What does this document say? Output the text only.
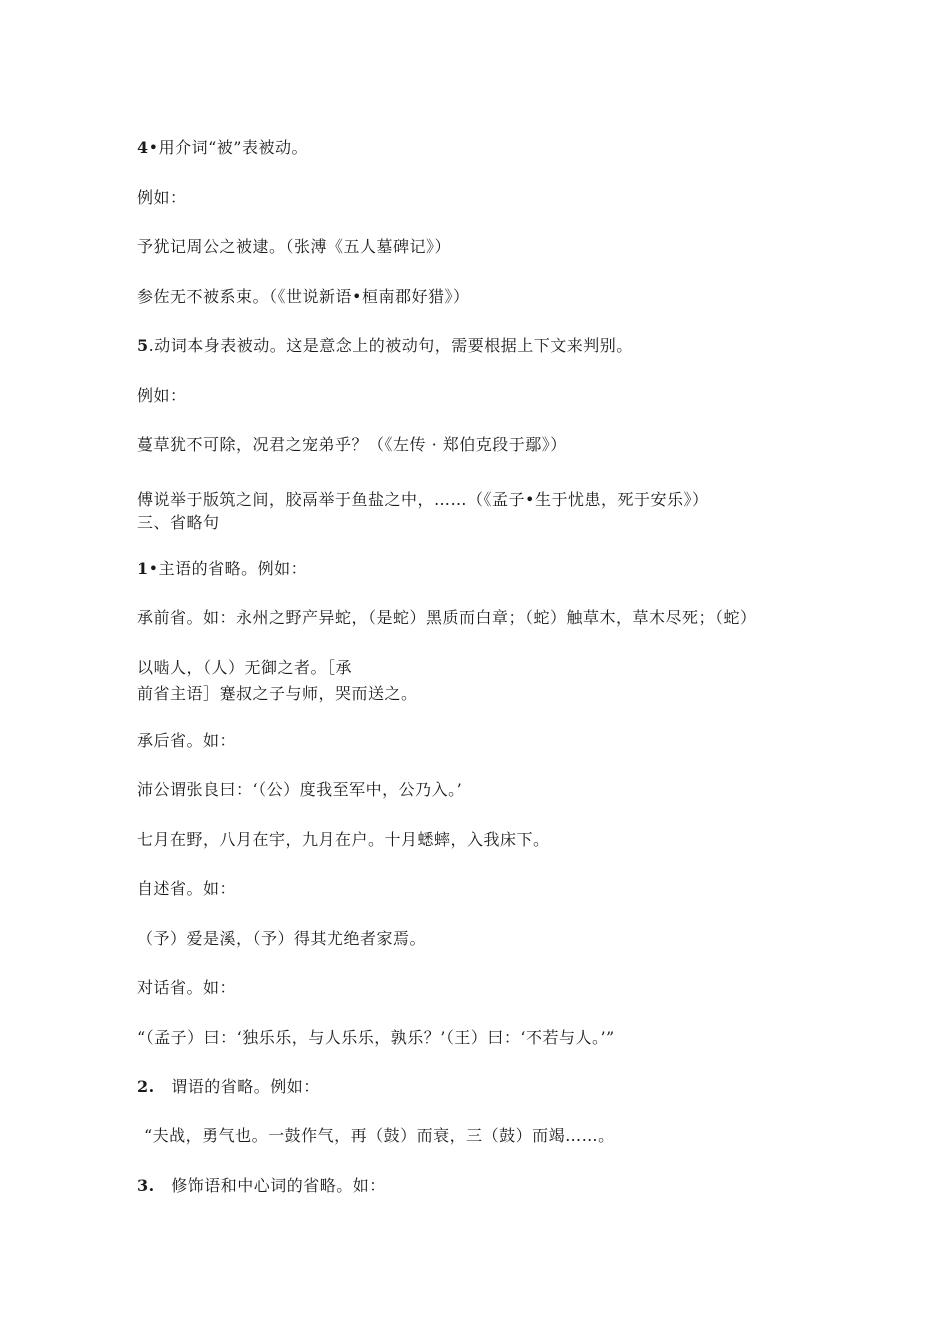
4•用介词“被”表被动。
例如：
予犹记周公之被逮。（张溥《五人墓碑记》）
参佐无不被系束。（《世说新语•桓南郡好猎》）
5.动词本身表被动。这是意念上的被动句，需要根据上下文来判别。
例如：
蔓草犹不可除，况君之宠弟乎？（《左传 · 郑伯克段于鄢》）
傅说举于版筑之间，胶鬲举于鱼盐之中，……（《孟子•生于忧患，死于安乐》）
三、省略句
1•主语的省略。例如：
承前省。如：永州之野产异蛇，（是蛇）黑质而白章；（蛇）触草木，草木尽死；（蛇）
以啮人，（人）无御之者。［承
前省主语］蹇叔之子与师，哭而送之。
承后省。如：
沛公谓张良曰：‘（公）度我至军中，公乃入。’
七月在野，八月在宇，九月在户。十月蟋蟀，入我床下。
自述省。如：
（予）爱是溪，（予）得其尤绝者家焉。
对话省。如：
“（孟子）曰：‘独乐乐，与人乐乐，孰乐？’（王）曰：‘不若与人。’”
2.　谓语的省略。例如：
“夫战，勇气也。一鼓作气，再（鼓）而衰，三（鼓）而竭……。
3.　修饰语和中心词的省略。如：
